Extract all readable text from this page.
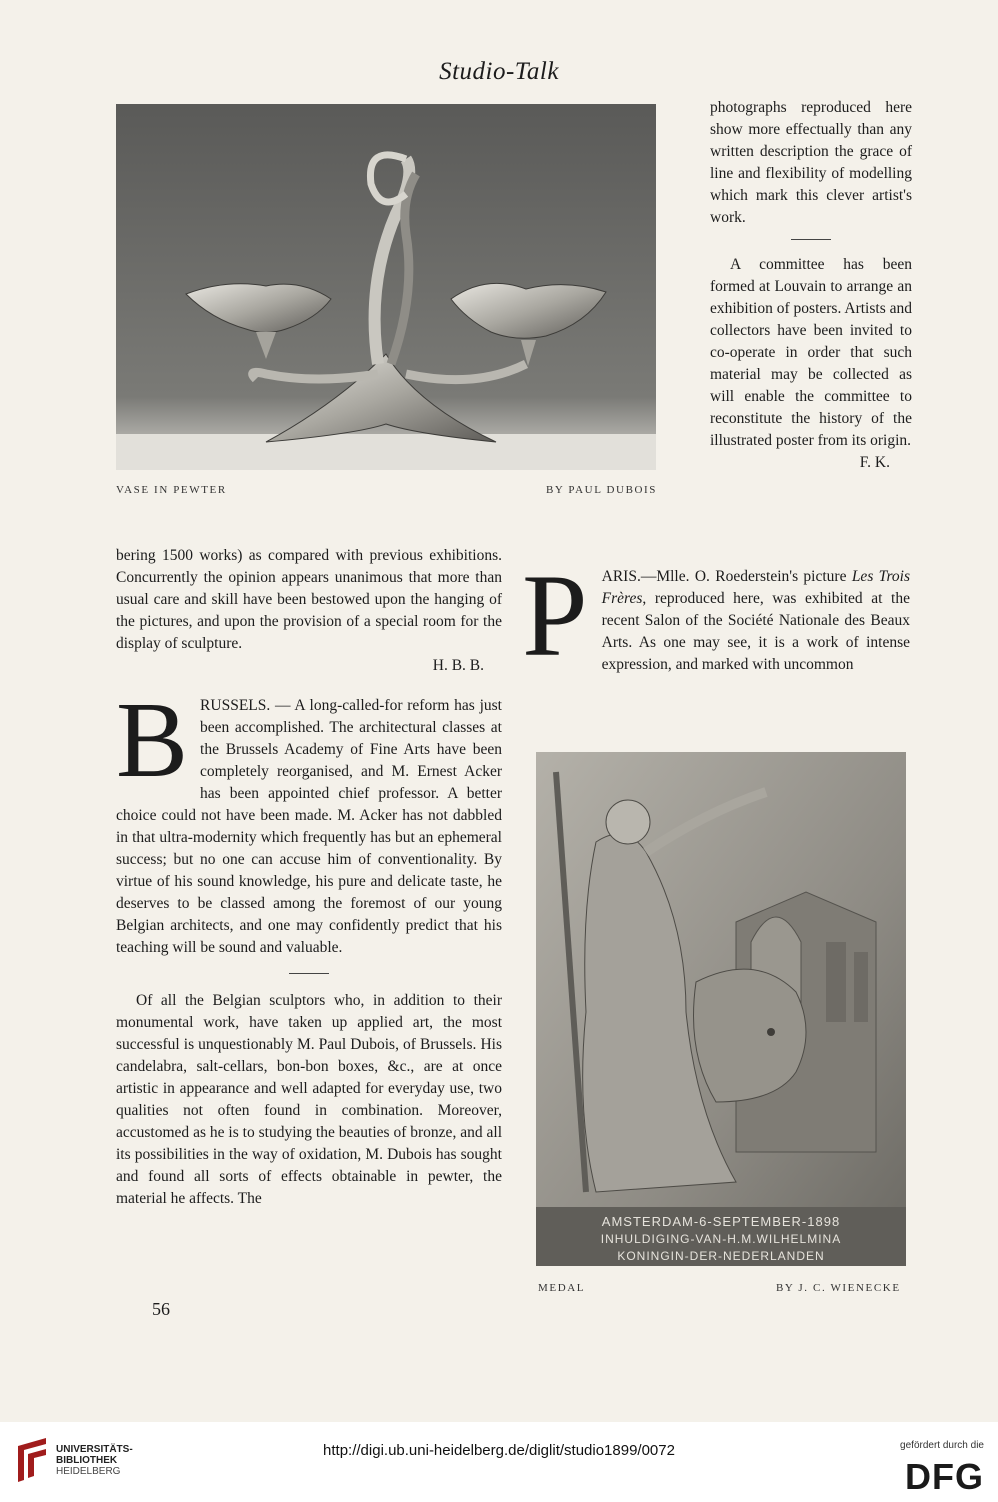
Studio-Talk
VASE IN PEWTER	BY PAUL DUBOIS

photographs reproduced here show more effectually than any written description the grace of line and flexibility of modelling which mark this clever artist's work.

A committee has been formed at Louvain to arrange an exhibition of posters. Artists and collectors have been invited to co-operate in order that such material may be collected as will enable the committee to reconstitute the history of the illustrated poster from its origin.

F. K.

bering 1500 works) as compared with previous exhibitions. Concurrently the opinion appears unanimous that more than usual care and skill have been bestowed upon the hanging of the pictures, and upon the provision of a special room for the display of sculpture.

H. B. B.

BRUSSELS. — A long-called-for reform has just been accomplished. The architectural classes at the Brussels Academy of Fine Arts have been completely reorganised, and M. Ernest Acker has been appointed chief professor. A better choice could not have been made. M. Acker has not dabbled in that ultra-modernity which frequently has but an ephemeral success; but no one can accuse him of conventionality. By virtue of his sound knowledge, his pure and delicate taste, he deserves to be classed among the foremost of our young Belgian architects, and one may confidently predict that his teaching will be sound and valuable.

Of all the Belgian sculptors who, in addition to their monumental work, have taken up applied art, the most successful is unquestionably M. Paul Dubois, of Brussels. His candelabra, salt-cellars, bon-bon boxes, &c., are at once artistic in appearance and well adapted for everyday use, two qualities not often found in combination. Moreover, accustomed as he is to studying the beauties of bronze, and all its possibilities in the way of oxidation, M. Dubois has sought and found all sorts of effects obtainable in pewter, the material he affects. The

PARIS.—Mlle. O. Roederstein's picture Les Trois Frères, reproduced here, was exhibited at the recent Salon of the Société Nationale des Beaux Arts. As one may see, it is a work of intense expression, and marked with uncommon

AMSTERDAM-6-SEPTEMBER-1898
INHULDIGING-VAN-H.M.WILHELMINA
KONINGIN-DER-NEDERLANDEN
MEDAL	BY J. C. WIENECKE
56
UNIVERSITÄTS-
BIBLIOTHEK
HEIDELBERG
http://digi.ub.uni-heidelberg.de/diglit/studio1899/0072	gefördert durch die
DFG
